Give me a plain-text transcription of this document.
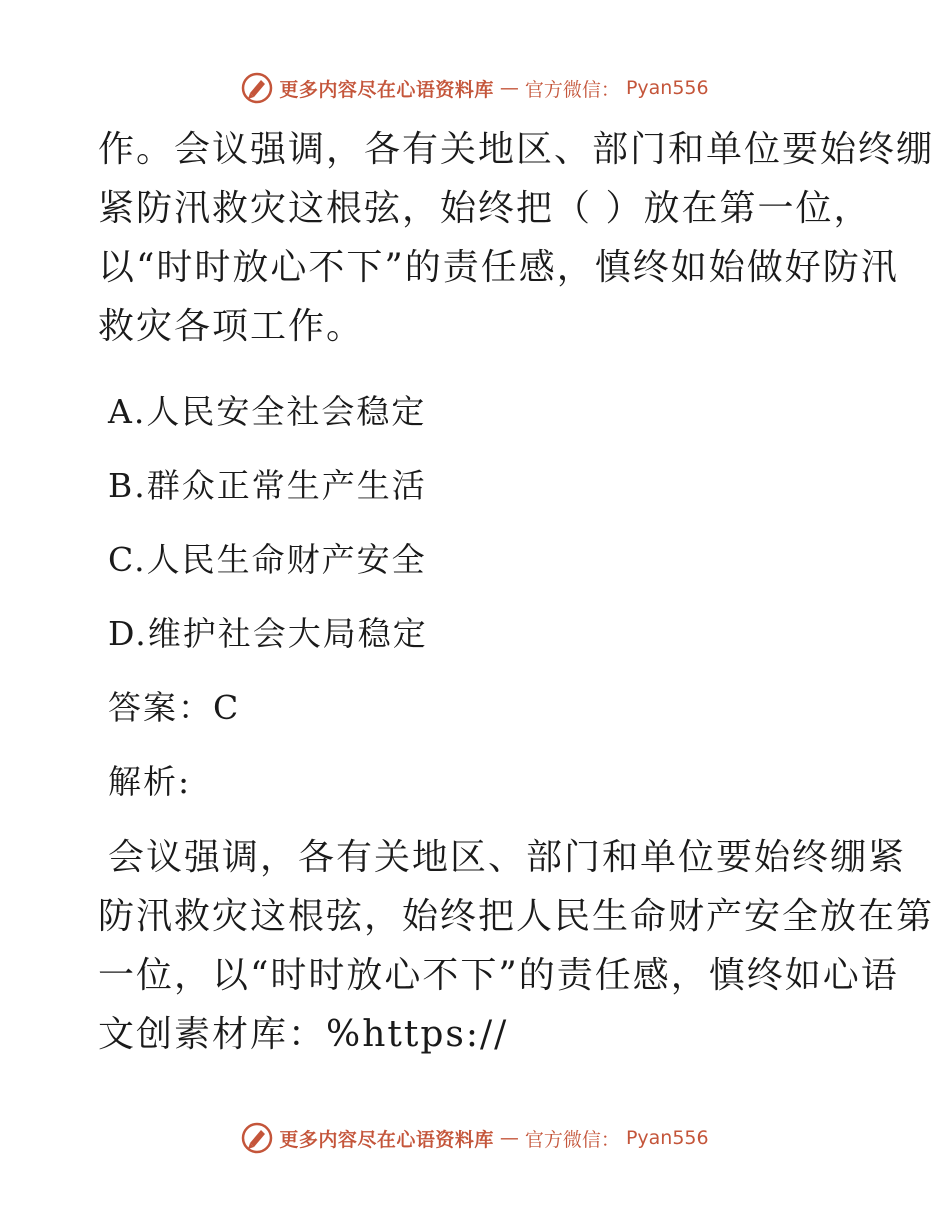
更多内容尽在心语资料库 — 官方微信： Pyan556

作。会议强调，各有关地区、部门和单位要始终绷
紧防汛救灾这根弦，始终把（ ）放在第一位，
以“时时放心不下”的责任感，慎终如始做好防汛
救灾各项工作。

A.人民安全社会稳定

B.群众正常生产生活

C.人民生命财产安全

D.维护社会大局稳定

答案：C

解析:

会议强调，各有关地区、部门和单位要始终绷紧
防汛救灾这根弦，始终把人民生命财产安全放在第
一位，以“时时放心不下”的责任感，慎终如心语
文创素材库：%https://

更多内容尽在心语资料库 — 官方微信： Pyan556
